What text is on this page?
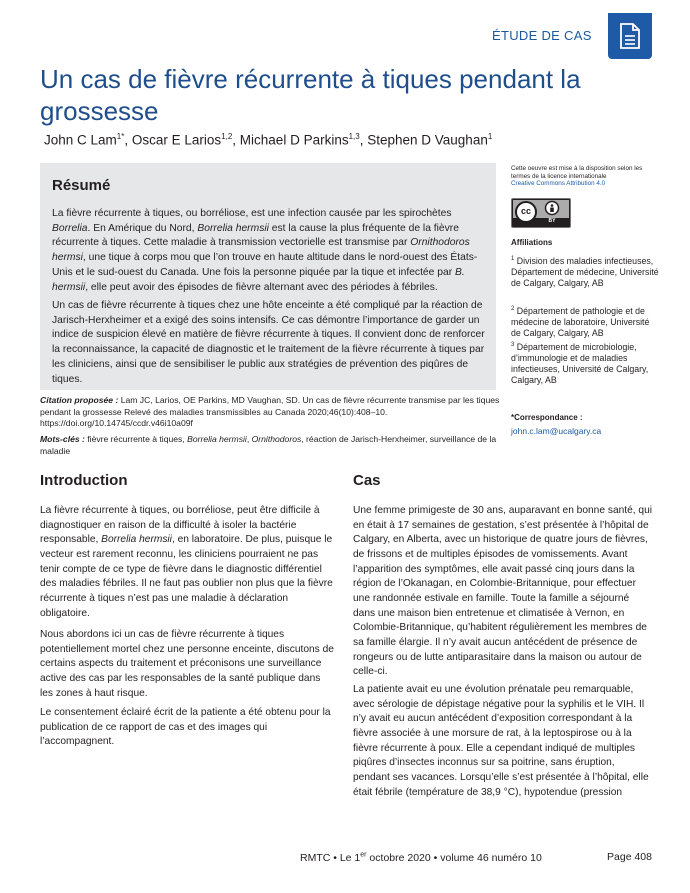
ÉTUDE DE CAS
Un cas de fièvre récurrente à tiques pendant la grossesse
John C Lam$^{1*}$, Oscar E Larios$^{1,2}$, Michael D Parkins$^{1,3}$, Stephen D Vaughan$^1$
Résumé

La fièvre récurrente à tiques, ou borréliose, est une infection causée par les spirochètes Borrelia. En Amérique du Nord, Borrelia hermsii est la cause la plus fréquente de la fièvre récurrente à tiques. Cette maladie à transmission vectorielle est transmise par Ornithodoros hermsi, une tique à corps mou que l’on trouve en haute altitude dans le nord-ouest des États-Unis et le sud-ouest du Canada. Une fois la personne piquée par la tique et infectée par B. hermsii, elle peut avoir des épisodes de fièvre alternant avec des périodes à fébriles.

Un cas de fièvre récurrente à tiques chez une hôte enceinte a été compliqué par la réaction de Jarisch-Herxheimer et a exigé des soins intensifs. Ce cas démontre l’importance de garder un indice de suspicion élevé en matière de fièvre récurrente à tiques. Il convient donc de renforcer la reconnaissance, la capacité de diagnostic et le traitement de la fièvre récurrente à tiques par les cliniciens, ainsi que de sensibiliser le public aux stratégies de prévention des piqûres de tiques.

Cette oeuvre est mise à la disposition selon les termes de la licence internationale
Creative Commons Attribution 4.0
cc
BY
Affiliations
$^1$ Division des maladies infectieuses, Département de médecine, Université de Calgary, Calgary, AB
$^2$ Département de pathologie et de médecine de laboratoire, Université de Calgary, Calgary, AB
$^3$ Département de microbiologie, d’immunologie et de maladies infectieuses, Université de Calgary, Calgary, AB
*Correspondance :
john.c.lam@ucalgary.ca

Citation proposée : Lam JC, Larios, OE Parkins, MD Vaughan, SD. Un cas de fièvre récurrente transmise par les tiques pendant la grossesse Relevé des maladies transmissibles au Canada 2020;46(10):408–10. https://doi.org/10.14745/ccdr.v46i10a09f

Mots-clés : fièvre récurrente à tiques, Borrelia hermsii, Ornithodoros, réaction de Jarisch-Herxheimer, surveillance de la maladie

Introduction

La fièvre récurrente à tiques, ou borréliose, peut être difficile à diagnostiquer en raison de la difficulté à isoler la bactérie responsable, Borrelia hermsii, en laboratoire. De plus, puisque le vecteur est rarement reconnu, les cliniciens pourraient ne pas tenir compte de ce type de fièvre dans le diagnostic différentiel des maladies fébriles. Il ne faut pas oublier non plus que la fièvre récurrente à tiques n’est pas une maladie à déclaration obligatoire.

Nous abordons ici un cas de fièvre récurrente à tiques potentiellement mortel chez une personne enceinte, discutons de certains aspects du traitement et préconisons une surveillance active des cas par les responsables de la santé publique dans les zones à haut risque.

Le consentement éclairé écrit de la patiente a été obtenu pour la publication de ce rapport de cas et des images qui l’accompagnent.

Cas

Une femme primigeste de 30 ans, auparavant en bonne santé, qui en était à 17 semaines de gestation, s’est présentée à l’hôpital de Calgary, en Alberta, avec un historique de quatre jours de fièvres, de frissons et de multiples épisodes de vomissements. Avant l’apparition des symptômes, elle avait passé cinq jours dans la région de l’Okanagan, en Colombie-Britannique, pour effectuer une randonnée estivale en famille. Toute la famille a séjourné dans une maison bien entretenue et climatisée à Vernon, en Colombie-Britannique, qu’habitent régulièrement les membres de sa famille élargie. Il n’y avait aucun antécédent de présence de rongeurs ou de lutte antiparasitaire dans la maison ou autour de celle-ci.

La patiente avait eu une évolution prénatale peu remarquable, avec sérologie de dépistage négative pour la syphilis et le VIH. Il n’y avait eu aucun antécédent d’exposition correspondant à la fièvre associée à une morsure de rat, à la leptospirose ou à la fièvre récurrente à poux. Elle a cependant indiqué de multiples piqûres d’insectes inconnus sur sa poitrine, sans éruption, pendant ses vacances. Lorsqu’elle s’est présentée à l’hôpital, elle était fébrile (température de 38,9 °C), hypotendue (pression

RMTC • Le 1er octobre 2020 • volume 46 numéro 10	Page 408
